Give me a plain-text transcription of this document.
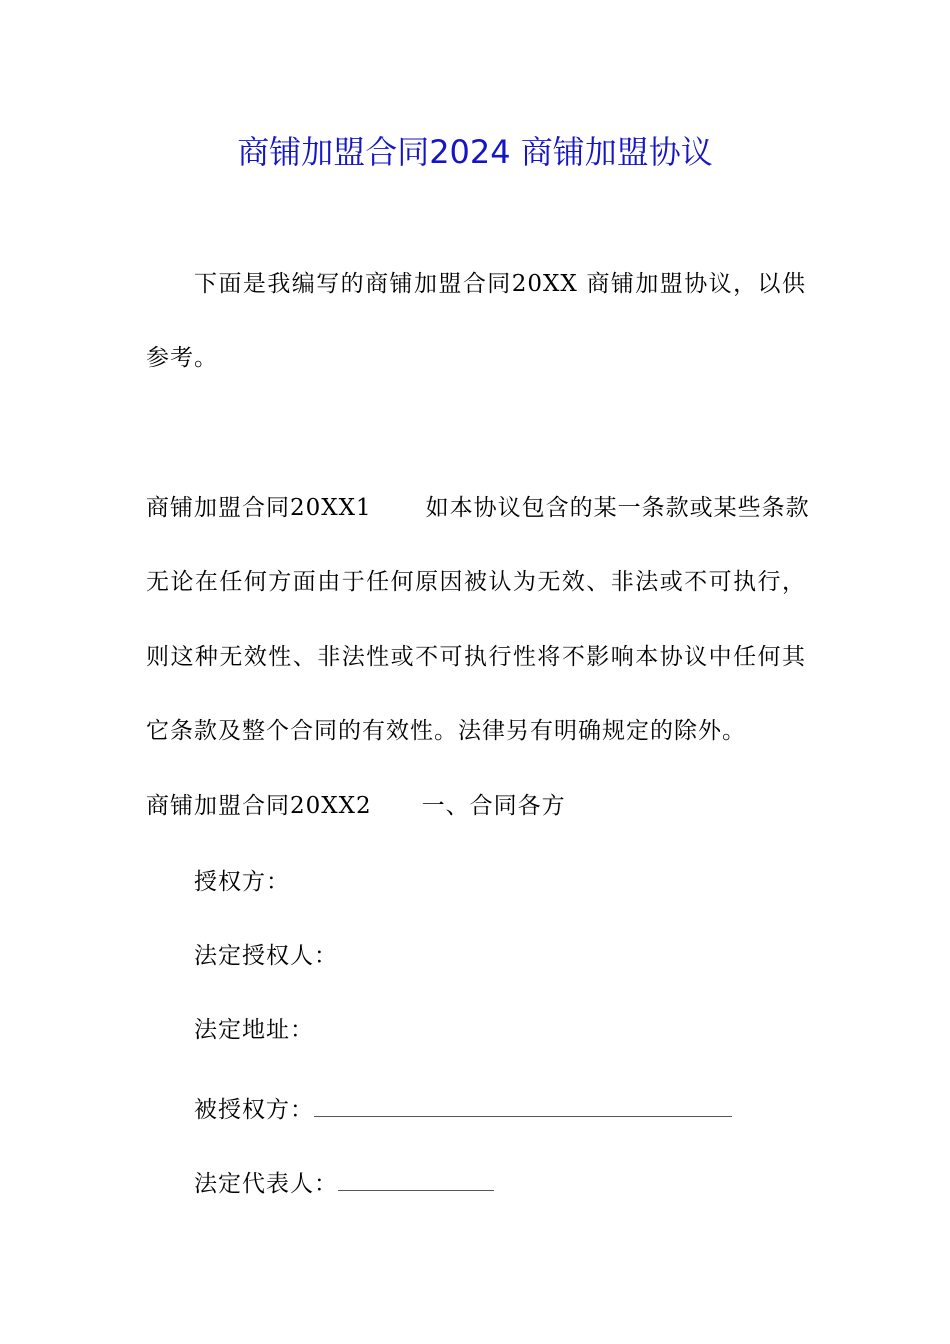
商铺加盟合同2024 商铺加盟协议
下面是我编写的商铺加盟合同20XX 商铺加盟协议，以供
参考。
商铺加盟合同20XX1 如本协议包含的某一条款或某些条款
无论在任何方面由于任何原因被认为无效、非法或不可执行，
则这种无效性、非法性或不可执行性将不影响本协议中任何其
它条款及整个合同的有效性。法律另有明确规定的除外。
商铺加盟合同20XX2 一、合同各方
授权方：
法定授权人：
法定地址：
被授权方：
法定代表人：
